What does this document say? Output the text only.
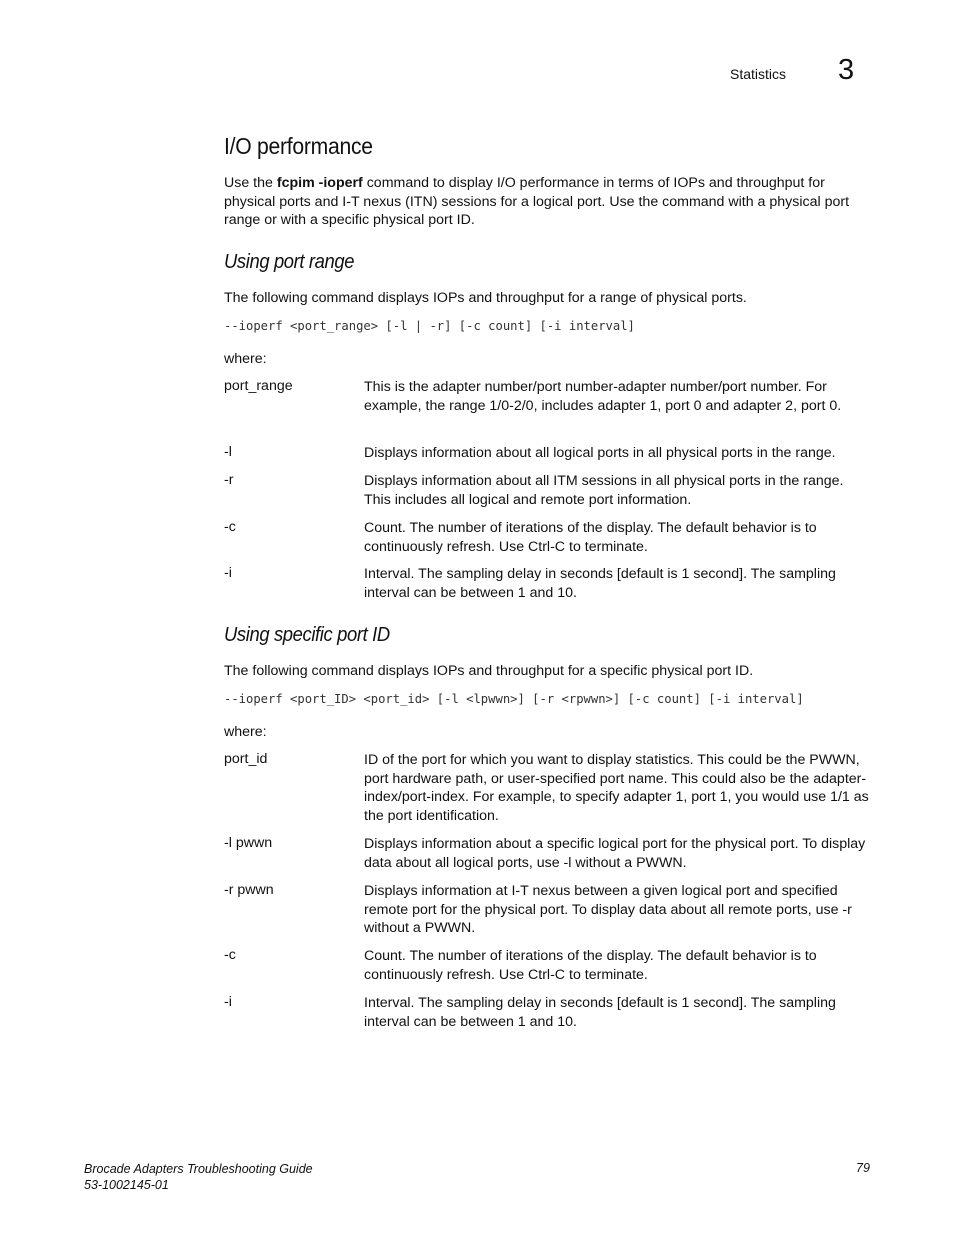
Statistics 3
I/O performance
Use the fcpim -ioperf command to display I/O performance in terms of IOPs and throughput for physical ports and I-T nexus (ITN) sessions for a logical port. Use the command with a physical port range or with a specific physical port ID.
Using port range
The following command displays IOPs and throughput for a range of physical ports.
--ioperf <port_range> [-l | -r] [-c count] [-i interval]
where:
port_range	This is the adapter number/port number-adapter number/port number. For example, the range 1/0-2/0, includes adapter 1, port 0 and adapter 2, port 0.
-l	Displays information about all logical ports in all physical ports in the range.
-r	Displays information about all ITM sessions in all physical ports in the range. This includes all logical and remote port information.
-c	Count. The number of iterations of the display. The default behavior is to continuously refresh. Use Ctrl-C to terminate.
-i	Interval. The sampling delay in seconds [default is 1 second]. The sampling interval can be between 1 and 10.
Using specific port ID
The following command displays IOPs and throughput for a specific physical port ID.
--ioperf <port_ID> <port_id> [-l <lpwwn>] [-r <rpwwn>] [-c count] [-i interval]
where:
port_id	ID of the port for which you want to display statistics. This could be the PWWN, port hardware path, or user-specified port name. This could also be the adapter-index/port-index. For example, to specify adapter 1, port 1, you would use 1/1 as the port identification.
-l pwwn	Displays information about a specific logical port for the physical port. To display data about all logical ports, use -l without a PWWN.
-r pwwn	Displays information at I-T nexus between a given logical port and specified remote port for the physical port. To display data about all remote ports, use -r without a PWWN.
-c	Count. The number of iterations of the display. The default behavior is to continuously refresh. Use Ctrl-C to terminate.
-i	Interval. The sampling delay in seconds [default is 1 second]. The sampling interval can be between 1 and 10.
Brocade Adapters Troubleshooting Guide
53-1002145-01
79
